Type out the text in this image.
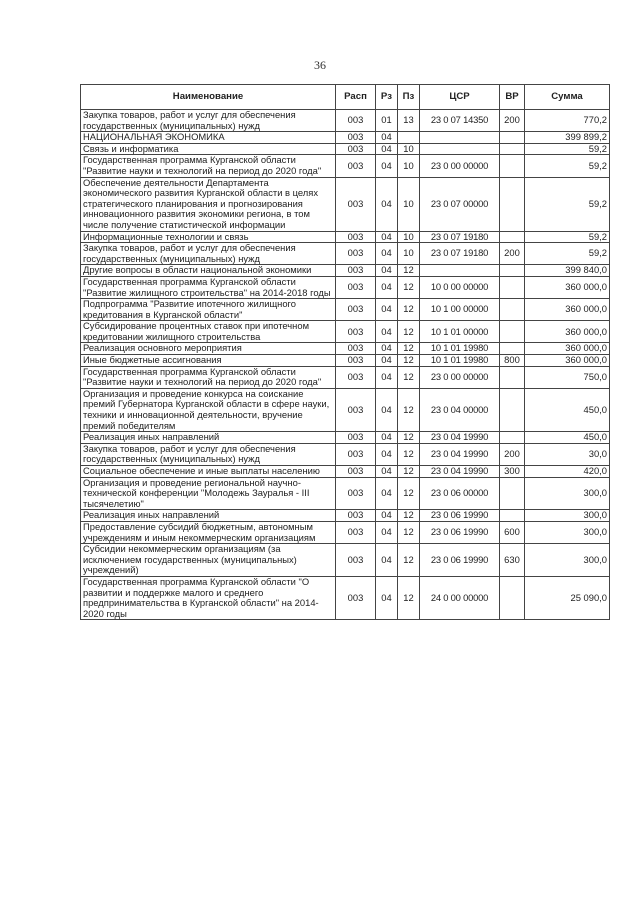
36
Наименование	Расп	Рз	Пз	ЦСР	ВР	Сумма
Закупка товаров, работ и услуг для обеспечения государственных (муниципальных) нужд	003	01	13	23 0 07 14350	200	770,2
НАЦИОНАЛЬНАЯ ЭКОНОМИКА	003	04				399 899,2
Связь и информатика	003	04	10			59,2
Государственная программа Курганской области "Развитие науки и технологий на период до 2020 года"	003	04	10	23 0 00 00000		59,2
Обеспечение деятельности Департамента экономического развития Курганской области в целях стратегического планирования и прогнозирования инновационного развития экономики региона, в том числе получение статистической информации	003	04	10	23 0 07 00000		59,2
Информационные технологии и связь	003	04	10	23 0 07 19180		59,2
Закупка товаров, работ и услуг для обеспечения государственных (муниципальных) нужд	003	04	10	23 0 07 19180	200	59,2
Другие вопросы в области национальной экономики	003	04	12			399 840,0
Государственная программа Курганской области "Развитие жилищного строительства" на 2014-2018 годы	003	04	12	10 0 00 00000		360 000,0
Подпрограмма "Развитие ипотечного жилищного кредитования в Курганской области"	003	04	12	10 1 00 00000		360 000,0
Субсидирование процентных ставок при ипотечном кредитовании жилищного строительства	003	04	12	10 1 01 00000		360 000,0
Реализация основного мероприятия	003	04	12	10 1 01 19980		360 000,0
Иные бюджетные ассигнования	003	04	12	10 1 01 19980	800	360 000,0
Государственная программа Курганской области "Развитие науки и технологий на период до 2020 года"	003	04	12	23 0 00 00000		750,0
Организация и проведение конкурса на соискание премий Губернатора Курганской области в сфере науки, техники и инновационной деятельности, вручение премий победителям	003	04	12	23 0 04 00000		450,0
Реализация иных направлений	003	04	12	23 0 04 19990		450,0
Закупка товаров, работ и услуг для обеспечения государственных (муниципальных) нужд	003	04	12	23 0 04 19990	200	30,0
Социальное обеспечение и иные выплаты населению	003	04	12	23 0 04 19990	300	420,0
Организация и проведение региональной научно-технической конференции "Молодежь Зауралья - III тысячелетию"	003	04	12	23 0 06 00000		300,0
Реализация иных направлений	003	04	12	23 0 06 19990		300,0
Предоставление субсидий бюджетным, автономным учреждениям и иным некоммерческим организациям	003	04	12	23 0 06 19990	600	300,0
Субсидии некоммерческим организациям (за исключением государственных (муниципальных) учреждений)	003	04	12	23 0 06 19990	630	300,0
Государственная программа Курганской области "О развитии и поддержке малого и среднего предпринимательства в Курганской области" на 2014-2020 годы	003	04	12	24 0 00 00000		25 090,0
